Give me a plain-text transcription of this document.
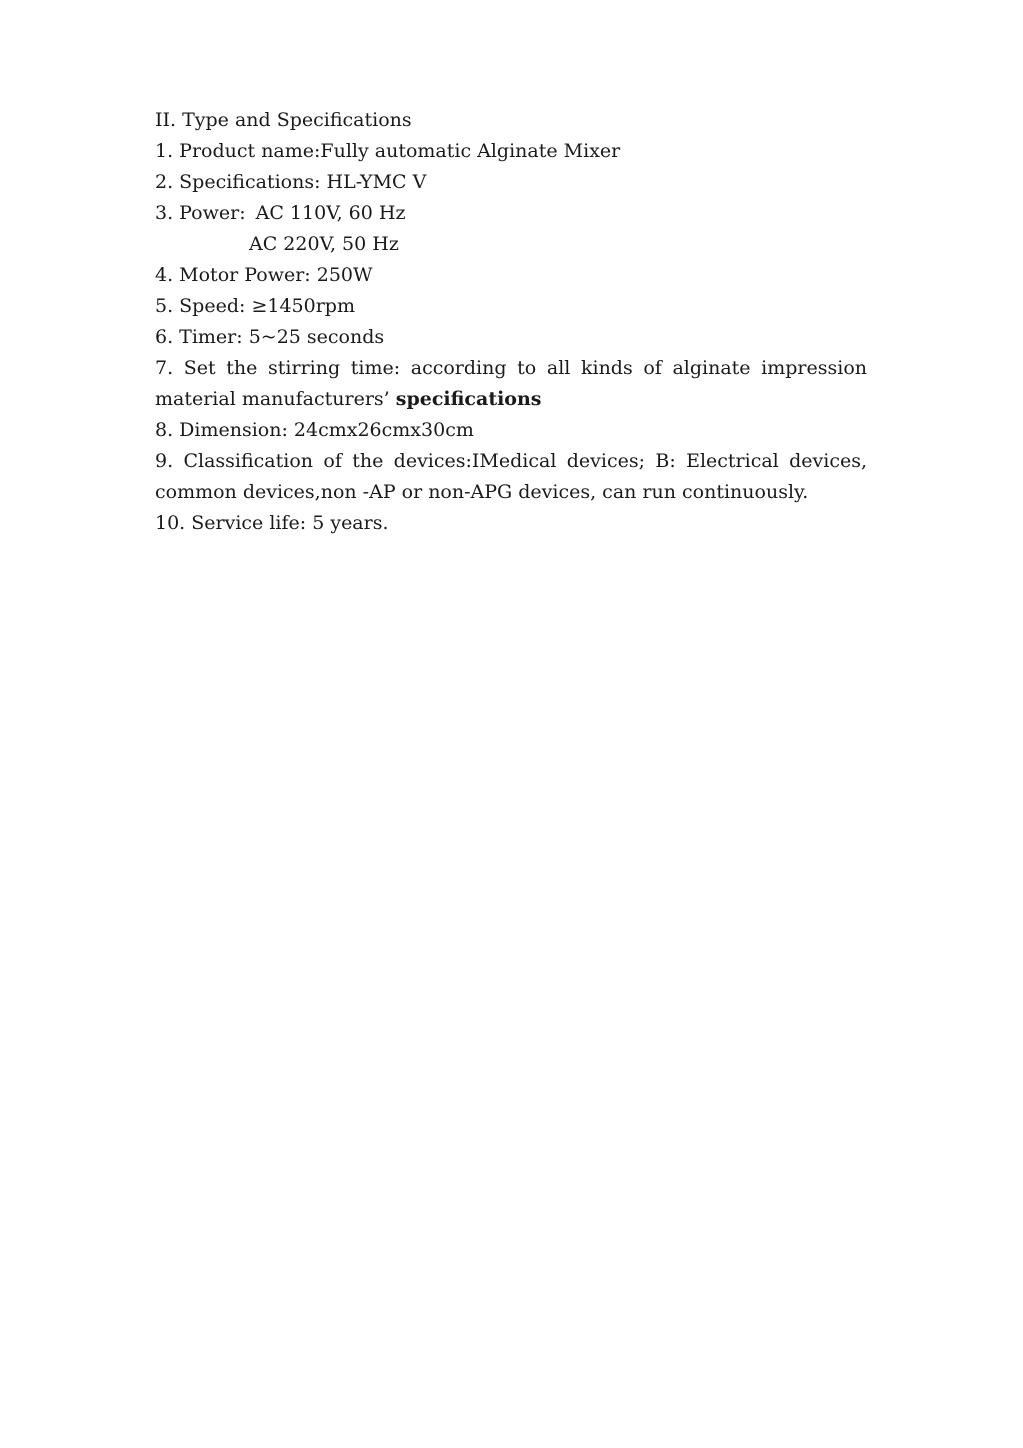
II. Type and Specifications

1. Product name:Fully automatic Alginate Mixer

2. Specifications: HL-YMC V

3. Power: AC 110V, 60 Hz

AC 220V, 50 Hz

4. Motor Power: 250W

5. Speed: ≥1450rpm

6. Timer: 5~25 seconds

7. Set the stirring time: according to all kinds of alginate impression material manufacturers’ specifications

8. Dimension: 24cmx26cmx30cm

9. Classification of the devices:IMedical devices; B: Electrical devices, common devices,non -AP or non-APG devices, can run continuously.

10. Service life: 5 years.
